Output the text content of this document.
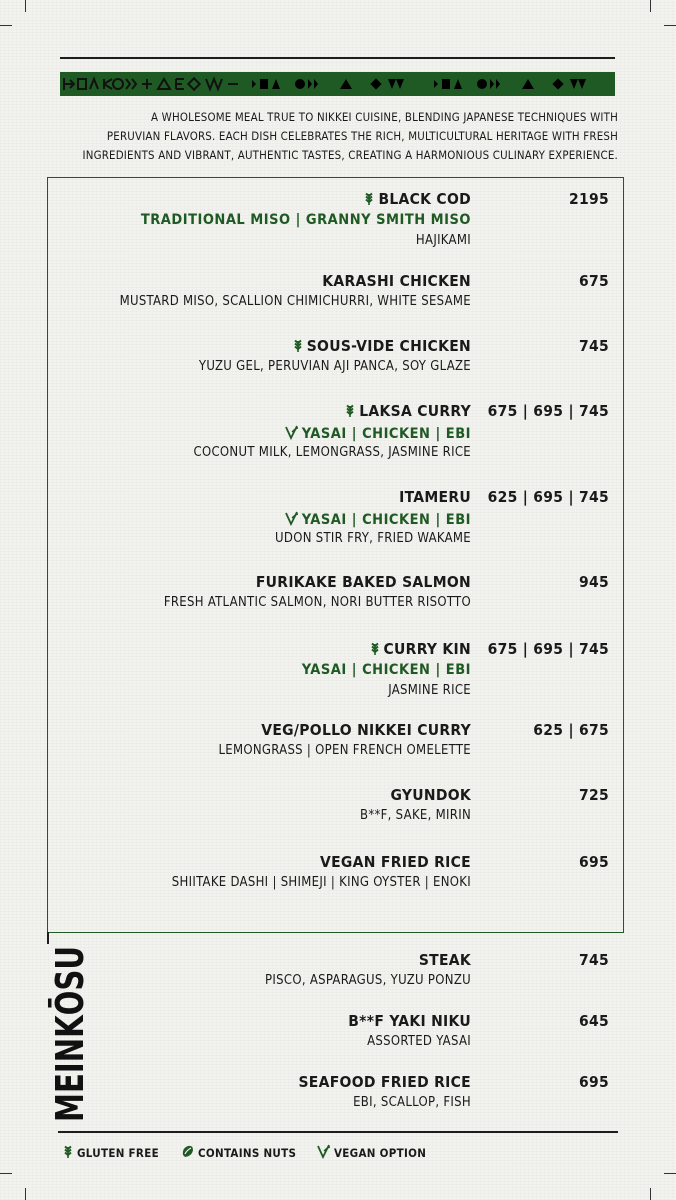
A WHOLESOME MEAL TRUE TO NIKKEI CUISINE, BLENDING JAPANESE TECHNIQUES WITH
PERUVIAN FLAVORS. EACH DISH CELEBRATES THE RICH, MULTICULTURAL HERITAGE WITH FRESH
INGREDIENTS AND VIBRANT, AUTHENTIC TASTES, CREATING A HARMONIOUS CULINARY EXPERIENCE.
BLACK COD	2195
TRADITIONAL MISO | GRANNY SMITH MISO
HAJIKAMI
KARASHI CHICKEN	675
MUSTARD MISO, SCALLION CHIMICHURRI, WHITE SESAME
SOUS-VIDE CHICKEN	745
YUZU GEL, PERUVIAN AJI PANCA, SOY GLAZE
LAKSA CURRY 675 | 695 | 745
YASAI | CHICKEN | EBI
COCONUT MILK, LEMONGRASS, JASMINE RICE
ITAMERU 625 | 695 | 745
YASAI | CHICKEN | EBI
UDON STIR FRY, FRIED WAKAME
FURIKAKE BAKED SALMON	945
FRESH ATLANTIC SALMON, NORI BUTTER RISOTTO
CURRY KIN 675 | 695 | 745
YASAI | CHICKEN | EBI
JASMINE RICE
VEG/POLLO NIKKEI CURRY	625 | 675
LEMONGRASS | OPEN FRENCH OMELETTE
GYUNDOK	725
B**F, SAKE, MIRIN
VEGAN FRIED RICE	695
SHIITAKE DASHI | SHIMEJI | KING OYSTER | ENOKI
MEINKŌSU	STEAK	745
PISCO, ASPARAGUS, YUZU PONZU
B**F YAKI NIKU	645
ASSORTED YASAI
SEAFOOD FRIED RICE	695
EBI, SCALLOP, FISH
GLUTEN FREE	CONTAINS NUTS	VEGAN OPTION
